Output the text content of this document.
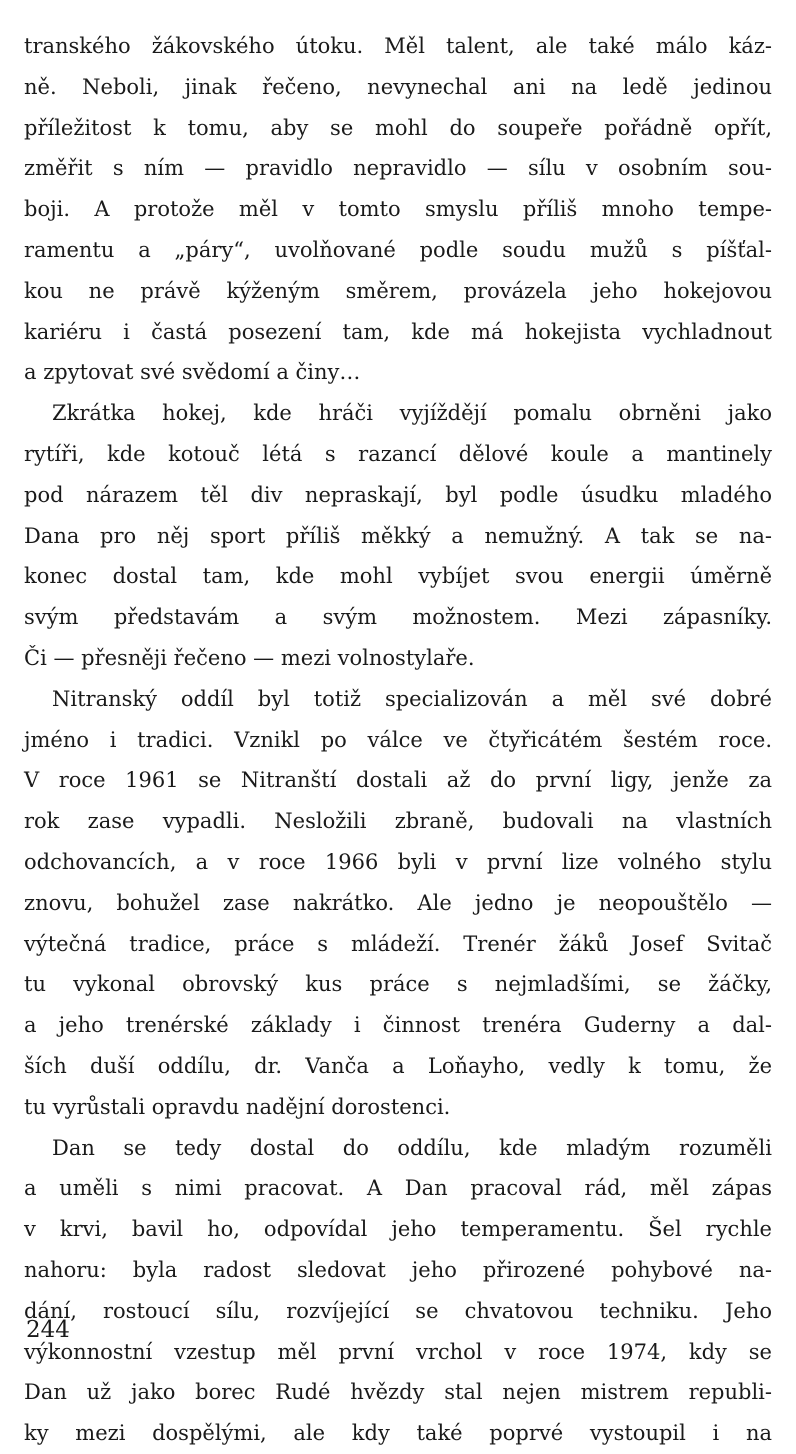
tranského žákovského útoku. Měl talent, ale také málo káz-
ně. Neboli, jinak řečeno, nevynechal ani na ledě jedinou
příležitost k tomu, aby se mohl do soupeře pořádně opřít,
změřit s ním — pravidlo nepravidlo — sílu v osobním sou-
boji. A protože měl v tomto smyslu příliš mnoho tempe-
ramentu a „páry“, uvolňované podle soudu mužů s píšťal-
kou ne právě kýženým směrem, provázela jeho hokejovou
kariéru i častá posezení tam, kde má hokejista vychladnout
a zpytovat své svědomí a činy…
Zkrátka hokej, kde hráči vyjíždějí pomalu obrněni jako
rytíři, kde kotouč létá s razancí dělové koule a mantinely
pod nárazem těl div nepraskají, byl podle úsudku mladého
Dana pro něj sport příliš měkký a nemužný. A tak se na-
konec dostal tam, kde mohl vybíjet svou energii úměrně
svým představám a svým možnostem. Mezi zápasníky.
Či — přesněji řečeno — mezi volnostylaře.
Nitranský oddíl byl totiž specializován a měl své dobré
jméno i tradici. Vznikl po válce ve čtyřicátém šestém roce.
V roce 1961 se Nitranští dostali až do první ligy, jenže za
rok zase vypadli. Nesložili zbraně, budovali na vlastních
odchovancích, a v roce 1966 byli v první lize volného stylu
znovu, bohužel zase nakrátko. Ale jedno je neopouštělo —
výtečná tradice, práce s mládeží. Trenér žáků Josef Svitač
tu vykonal obrovský kus práce s nejmladšími, se žáčky,
a jeho trenérské základy i činnost trenéra Guderny a dal-
ších duší oddílu, dr. Vanča a Loňayho, vedly k tomu, že
tu vyrůstali opravdu nadějní dorostenci.
Dan se tedy dostal do oddílu, kde mladým rozuměli
a uměli s nimi pracovat. A Dan pracoval rád, měl zápas
v krvi, bavil ho, odpovídal jeho temperamentu. Šel rychle
nahoru: byla radost sledovat jeho přirozené pohybové na-
dání, rostoucí sílu, rozvíjející se chvatovou techniku. Jeho
výkonnostní vzestup měl první vrchol v roce 1974, kdy se
Dan už jako borec Rudé hvězdy stal nejen mistrem republi-
ky mezi dospělými, ale kdy také poprvé vystoupil i na
244
